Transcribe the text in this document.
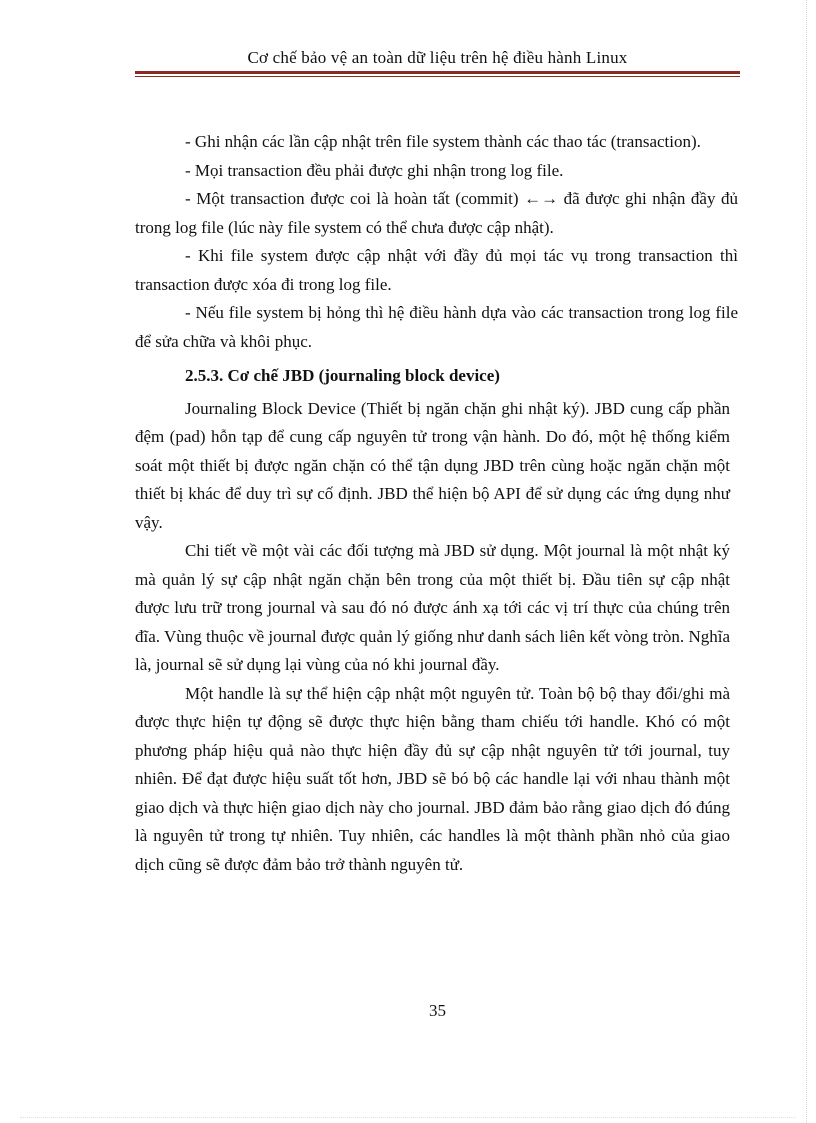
Cơ chế bảo vệ an toàn dữ liệu trên hệ điều hành Linux

- Ghi nhận các lần cập nhật trên file system thành các thao tác (transaction).

- Mọi transaction đều phải được ghi nhận trong log file.

- Một transaction được coi là hoàn tất (commit) ←→ đã được ghi nhận đầy đủ trong log file (lúc này file system có thể chưa được cập nhật).

- Khi file system được cập nhật với đầy đủ mọi tác vụ trong transaction thì transaction được xóa đi trong log file.

- Nếu file system bị hỏng thì hệ điều hành dựa vào các transaction trong log file để sửa chữa và khôi phục.

2.5.3. Cơ chế JBD (journaling block device)

Journaling Block Device (Thiết bị ngăn chặn ghi nhật ký). JBD cung cấp phần đệm (pad) hỗn tạp để cung cấp nguyên tử trong vận hành. Do đó, một hệ thống kiểm soát một thiết bị được ngăn chặn có thể tận dụng JBD trên cùng hoặc ngăn chặn một thiết bị khác để duy trì sự cố định. JBD thể hiện bộ API để sử dụng các ứng dụng như vậy.

Chi tiết về một vài các đối tượng mà JBD sử dụng. Một journal là một nhật ký mà quản lý sự cập nhật ngăn chặn bên trong của một thiết bị. Đầu tiên sự cập nhật được lưu trữ trong journal và sau đó nó được ánh xạ tới các vị trí thực của chúng trên đĩa. Vùng thuộc về journal được quản lý giống như danh sách liên kết vòng tròn. Nghĩa là, journal sẽ sử dụng lại vùng của nó khi journal đầy.

Một handle là sự thể hiện cập nhật một nguyên tử. Toàn bộ bộ thay đổi/ghi mà được thực hiện tự động sẽ được thực hiện bằng tham chiếu tới handle. Khó có một phương pháp hiệu quả nào thực hiện đầy đủ sự cập nhật nguyên tử tới journal, tuy nhiên. Để đạt được hiệu suất tốt hơn, JBD sẽ bó bộ các handle lại với nhau thành một giao dịch và thực hiện giao dịch này cho journal. JBD đảm bảo rằng giao dịch đó đúng là nguyên tử trong tự nhiên. Tuy nhiên, các handles là một thành phần nhỏ của giao dịch cũng sẽ được đảm bảo trở thành nguyên tử.

35
